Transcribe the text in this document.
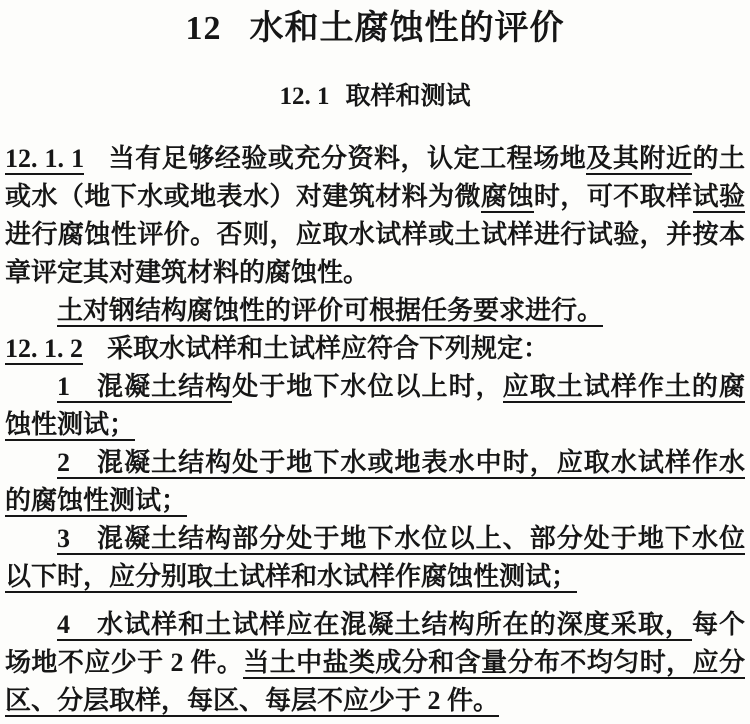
12 水和土腐蚀性的评价
12. 1 取样和测试
12. 1. 1 当有足够经验或充分资料，认定工程场地及其附近的土
或水（地下水或地表水）对建筑材料为微腐蚀时，可不取样试验
进行腐蚀性评价。否则，应取水试样或土试样进行试验，并按本
章评定其对建筑材料的腐蚀性。
土对钢结构腐蚀性的评价可根据任务要求进行。
12. 1. 2 采取水试样和土试样应符合下列规定：
1 混凝土结构处于地下水位以上时，应取土试样作土的腐
蚀性测试；
2 混凝土结构处于地下水或地表水中时，应取水试样作水
的腐蚀性测试；
3 混凝土结构部分处于地下水位以上、部分处于地下水位
以下时，应分别取土试样和水试样作腐蚀性测试；
4 水试样和土试样应在混凝土结构所在的深度采取，每个
场地不应少于 2 件。当土中盐类成分和含量分布不均匀时，应分
区、分层取样，每区、每层不应少于 2 件。
